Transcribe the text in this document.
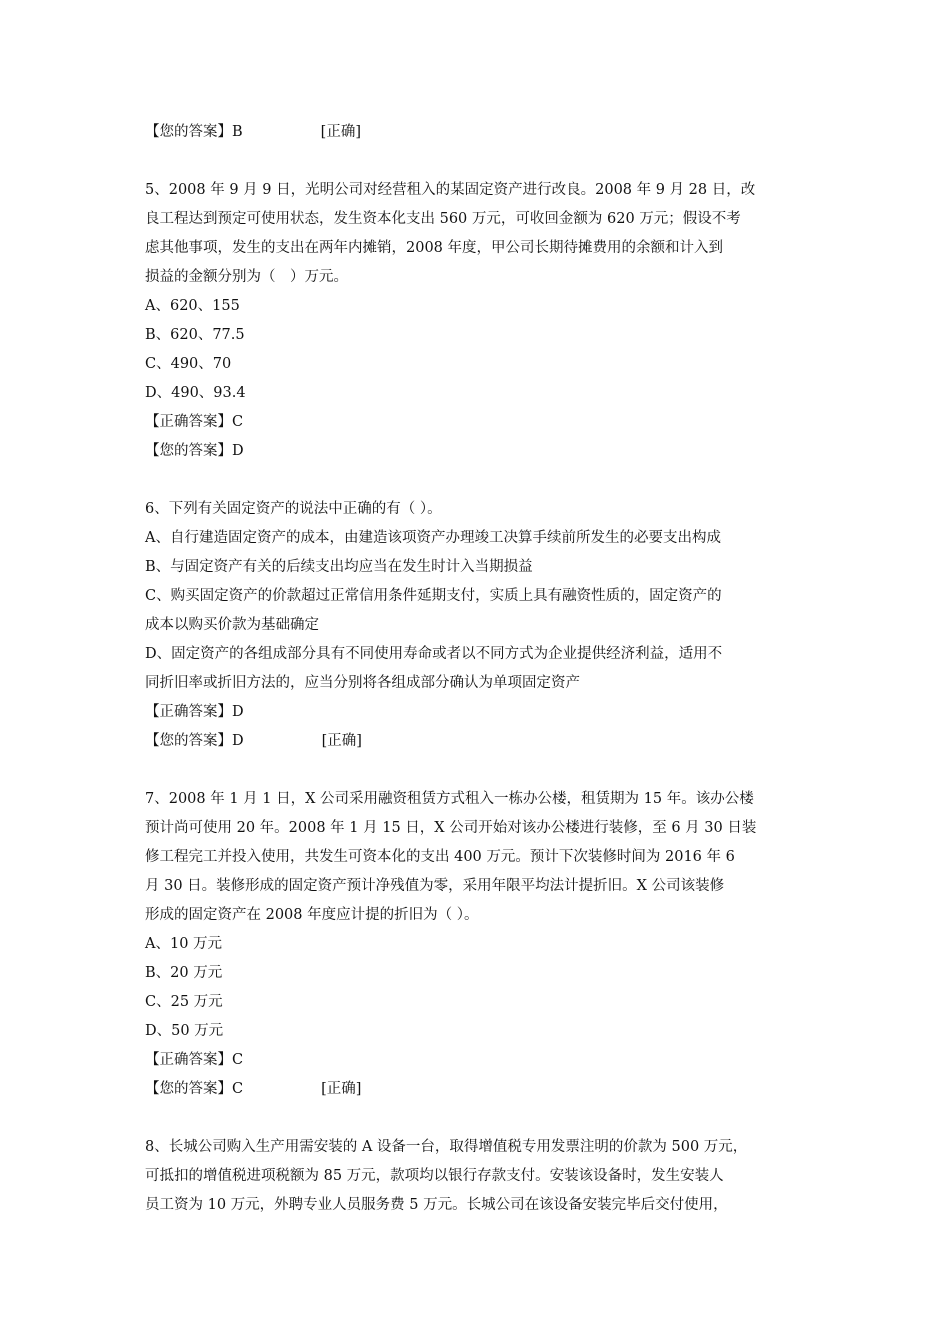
【您的答案】B	[正确]
5、2008 年 9 月 9 日，光明公司对经营租入的某固定资产进行改良。2008 年 9 月 28 日，改
良工程达到预定可使用状态，发生资本化支出 560 万元，可收回金额为 620 万元；假设不考
虑其他事项，发生的支出在两年内摊销，2008 年度，甲公司长期待摊费用的余额和计入到
损益的金额分别为（　）万元。
A、620、155
B、620、77.5
C、490、70
D、490、93.4
【正确答案】C
【您的答案】D
6、下列有关固定资产的说法中正确的有（ ）。
A、自行建造固定资产的成本，由建造该项资产办理竣工决算手续前所发生的必要支出构成
B、与固定资产有关的后续支出均应当在发生时计入当期损益
C、购买固定资产的价款超过正常信用条件延期支付，实质上具有融资性质的，固定资产的
成本以购买价款为基础确定
D、固定资产的各组成部分具有不同使用寿命或者以不同方式为企业提供经济利益，适用不
同折旧率或折旧方法的，应当分别将各组成部分确认为单项固定资产
【正确答案】D
【您的答案】D	[正确]
7、2008 年 1 月 1 日，X 公司采用融资租赁方式租入一栋办公楼，租赁期为 15 年。该办公楼
预计尚可使用 20 年。2008 年 1 月 15 日，X 公司开始对该办公楼进行装修，至 6 月 30 日装
修工程完工并投入使用，共发生可资本化的支出 400 万元。预计下次装修时间为 2016 年 6
月 30 日。装修形成的固定资产预计净残值为零，采用年限平均法计提折旧。X 公司该装修
形成的固定资产在 2008 年度应计提的折旧为（ ）。
A、10 万元
B、20 万元
C、25 万元
D、50 万元
【正确答案】C
【您的答案】C	[正确]
8、长城公司购入生产用需安装的 A 设备一台，取得增值税专用发票注明的价款为 500 万元，
可抵扣的增值税进项税额为 85 万元，款项均以银行存款支付。安装该设备时，发生安装人
员工资为 10 万元，外聘专业人员服务费 5 万元。长城公司在该设备安装完毕后交付使用，
